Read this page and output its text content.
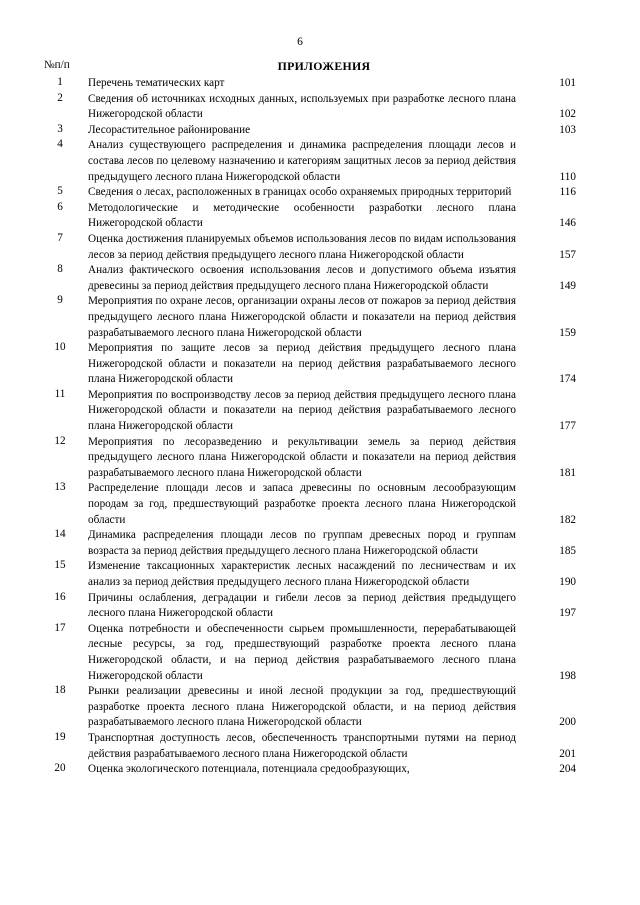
6
№п/п	ПРИЛОЖЕНИЯ
1	Перечень тематических карт	101
2	Сведения об источниках исходных данных, используемых при разработке лесного плана Нижегородской области	102
3	Лесорастительное районирование	103
4	Анализ существующего распределения и динамика распределения площади лесов и состава лесов по целевому назначению и категориям защитных лесов за период действия предыдущего лесного плана Нижегородской области	110
5	Сведения о лесах, расположенных в границах особо охраняемых природных территорий	116
6	Методологические и методические особенности разработки лесного плана Нижегородской области	146
7	Оценка достижения планируемых объемов использования лесов по видам использования лесов за период действия предыдущего лесного плана Нижегородской области	157
8	Анализ фактического освоения использования лесов и допустимого объема изъятия древесины за период действия предыдущего лесного плана Нижегородской области	149
9	Мероприятия по охране лесов, организации охраны лесов от пожаров за период действия предыдущего лесного плана Нижегородской области и показатели на период действия разрабатываемого лесного плана Нижегородской области	159
10	Мероприятия по защите лесов за период действия предыдущего лесного плана Нижегородской области и показатели на период действия разрабатываемого лесного плана Нижегородской области	174
11	Мероприятия по воспроизводству лесов за период действия предыдущего лесного плана Нижегородской области и показатели на период действия разрабатываемого лесного плана Нижегородской области	177
12	Мероприятия по лесоразведению и рекультивации земель за период действия предыдущего лесного плана Нижегородской области и показатели на период действия разрабатываемого лесного плана Нижегородской области	181
13	Распределение площади лесов и запаса древесины по основным лесообразующим породам за год, предшествующий разработке проекта лесного плана Нижегородской области	182
14	Динамика распределения площади лесов по группам древесных пород и группам возраста за период действия предыдущего лесного плана Нижегородской области	185
15	Изменение таксационных характеристик лесных насаждений по лесничествам и их анализ за период действия предыдущего лесного плана Нижегородской области	190
16	Причины ослабления, деградации и гибели лесов за период действия предыдущего лесного плана Нижегородской области	197
17	Оценка потребности и обеспеченности сырьем промышленности, перерабатывающей лесные ресурсы, за год, предшествующий разработке проекта лесного плана Нижегородской области, и на период действия разрабатываемого лесного плана Нижегородской области	198
18	Рынки реализации древесины и иной лесной продукции за год, предшествующий разработке проекта лесного плана Нижегородской области, и на период действия разрабатываемого лесного плана Нижегородской области	200
19	Транспортная доступность лесов, обеспеченность транспортными путями на период действия разрабатываемого лесного плана Нижегородской области	201
20	Оценка экологического потенциала, потенциала средообразующих,	204
